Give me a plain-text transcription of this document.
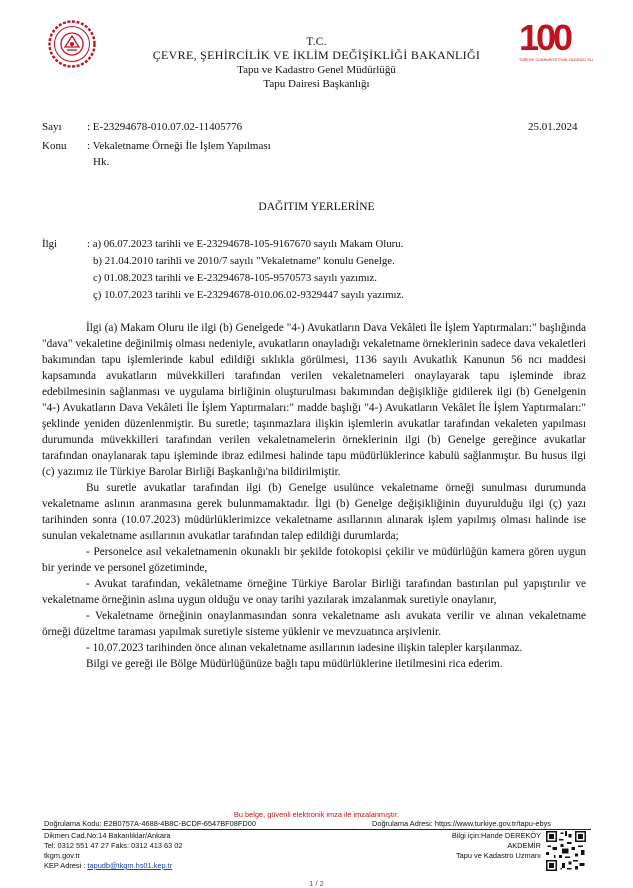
100
TÜRKİYE CUMHURİYETİ'NİN YÜZÜNCÜ YILI
T.C.
ÇEVRE, ŞEHİRCİLİK VE İKLİM DEĞİŞİKLİĞİ BAKANLIĞI
Tapu ve Kadastro Genel Müdürlüğü
Tapu Dairesi Başkanlığı
Sayı : E-23294678-010.07.02-11405776	25.01.2024
Konu : Vekaletname Örneği İle İşlem Yapılması
Hk.
DAĞITIM YERLERİNE
İlgi	: a) 06.07.2023 tarihli ve E-23294678-105-9167670 sayılı Makam Oluru.
b) 21.04.2010 tarihli ve 2010/7 sayılı "Vekaletname" konulu Genelge.
c) 01.08.2023 tarihli ve E-23294678-105-9570573 sayılı yazımız.
ç) 10.07.2023 tarihli ve E-23294678-010.06.02-9329447 sayılı yazımız.

İlgi (a) Makam Oluru ile ilgi (b) Genelgede "4-) Avukatların Dava Vekâleti İle İşlem Yaptırmaları:" başlığında "dava" vekaletine değinilmiş olması nedeniyle, avukatların onayladığı vekaletname örneklerinin sadece dava vekaletleri bakımından tapu işlemlerinde kabul edildiği sıklıkla görülmesi, 1136 sayılı Avukatlık Kanunun 56 ncı maddesi kapsamında avukatların müvekkilleri tarafından verilen vekaletnameleri onaylayarak tapu işleminde ibraz edebilmesinin sağlanması ve uygulama birliğinin oluşturulması bakımından değişikliğe gidilerek ilgi (b) Genelgenin "4-) Avukatların Dava Vekâleti İle İşlem Yaptırmaları:" madde başlığı "4-) Avukatların Vekâlet İle İşlem Yaptırmaları:" şeklinde yeniden düzenlenmiştir. Bu suretle; taşınmazlara ilişkin işlemlerin avukatlar tarafından vekaleten yapılması durumunda müvekkilleri tarafından verilen vekaletnamelerin örneklerinin ilgi (b) Genelge gereğince avukatlar tarafından onaylanarak tapu işleminde ibraz edilmesi halinde tapu müdürlüklerince kabulü sağlanmıştır. Bu husus ilgi (c) yazımız ile Türkiye Barolar Birliği Başkanlığı'na bildirilmiştir.

Bu suretle avukatlar tarafından ilgi (b) Genelge usulünce vekaletname örneği sunulması durumunda vekaletname aslının aranmasına gerek bulunmamaktadır. İlgi (b) Genelge değişikliğinin duyurulduğu ilgi (ç) yazı tarihinden sonra (10.07.2023) müdürlüklerimizce vekaletname asıllarının alınarak işlem yapılmış olması halinde ise sunulan vekaletname asıllarının avukatlar tarafından talep edildiği durumlarda;

- Personelce asıl vekaletnamenin okunaklı bir şekilde fotokopisi çekilir ve müdürlüğün kamera gören uygun bir yerinde ve personel gözetiminde,

- Avukat tarafından, vekâletname örneğine Türkiye Barolar Birliği tarafından bastırılan pul yapıştırılır ve vekaletname örneğinin aslına uygun olduğu ve onay tarihi yazılarak imzalanmak suretiyle onaylanır,

- Vekaletname örneğinin onaylanmasından sonra vekaletname aslı avukata verilir ve alınan vekaletname örneği düzeltme taraması yapılmak suretiyle sisteme yüklenir ve mevzuatınca arşivlenir.

- 10.07.2023 tarihinden önce alınan vekaletname asıllarının iadesine ilişkin talepler karşılanmaz.

Bilgi ve gereği ile Bölge Müdürlüğünüze bağlı tapu müdürlüklerine iletilmesini rica ederim.

Bu belge, güvenli elektronik imza ile imzalanmıştır.
Doğrulama Kodu: E2B0757A-4688-4B8C-BCDF-6547BF08FD00	Doğrulama Adresi: https://www.turkiye.gov.tr/tapu-ebys
Dikmen Cad.No:14 Bakanlıklar/Ankara
Tel: 0312 551 47 27 Faks: 0312 413 63 02
tkgm.gov.tr
KEP Adresi : tapudb@tkgm.hs01.kep.tr
Bilgi için:Hande DEREKÖY
AKDEMİR
Tapu ve Kadastro Uzmanı
1 / 2
